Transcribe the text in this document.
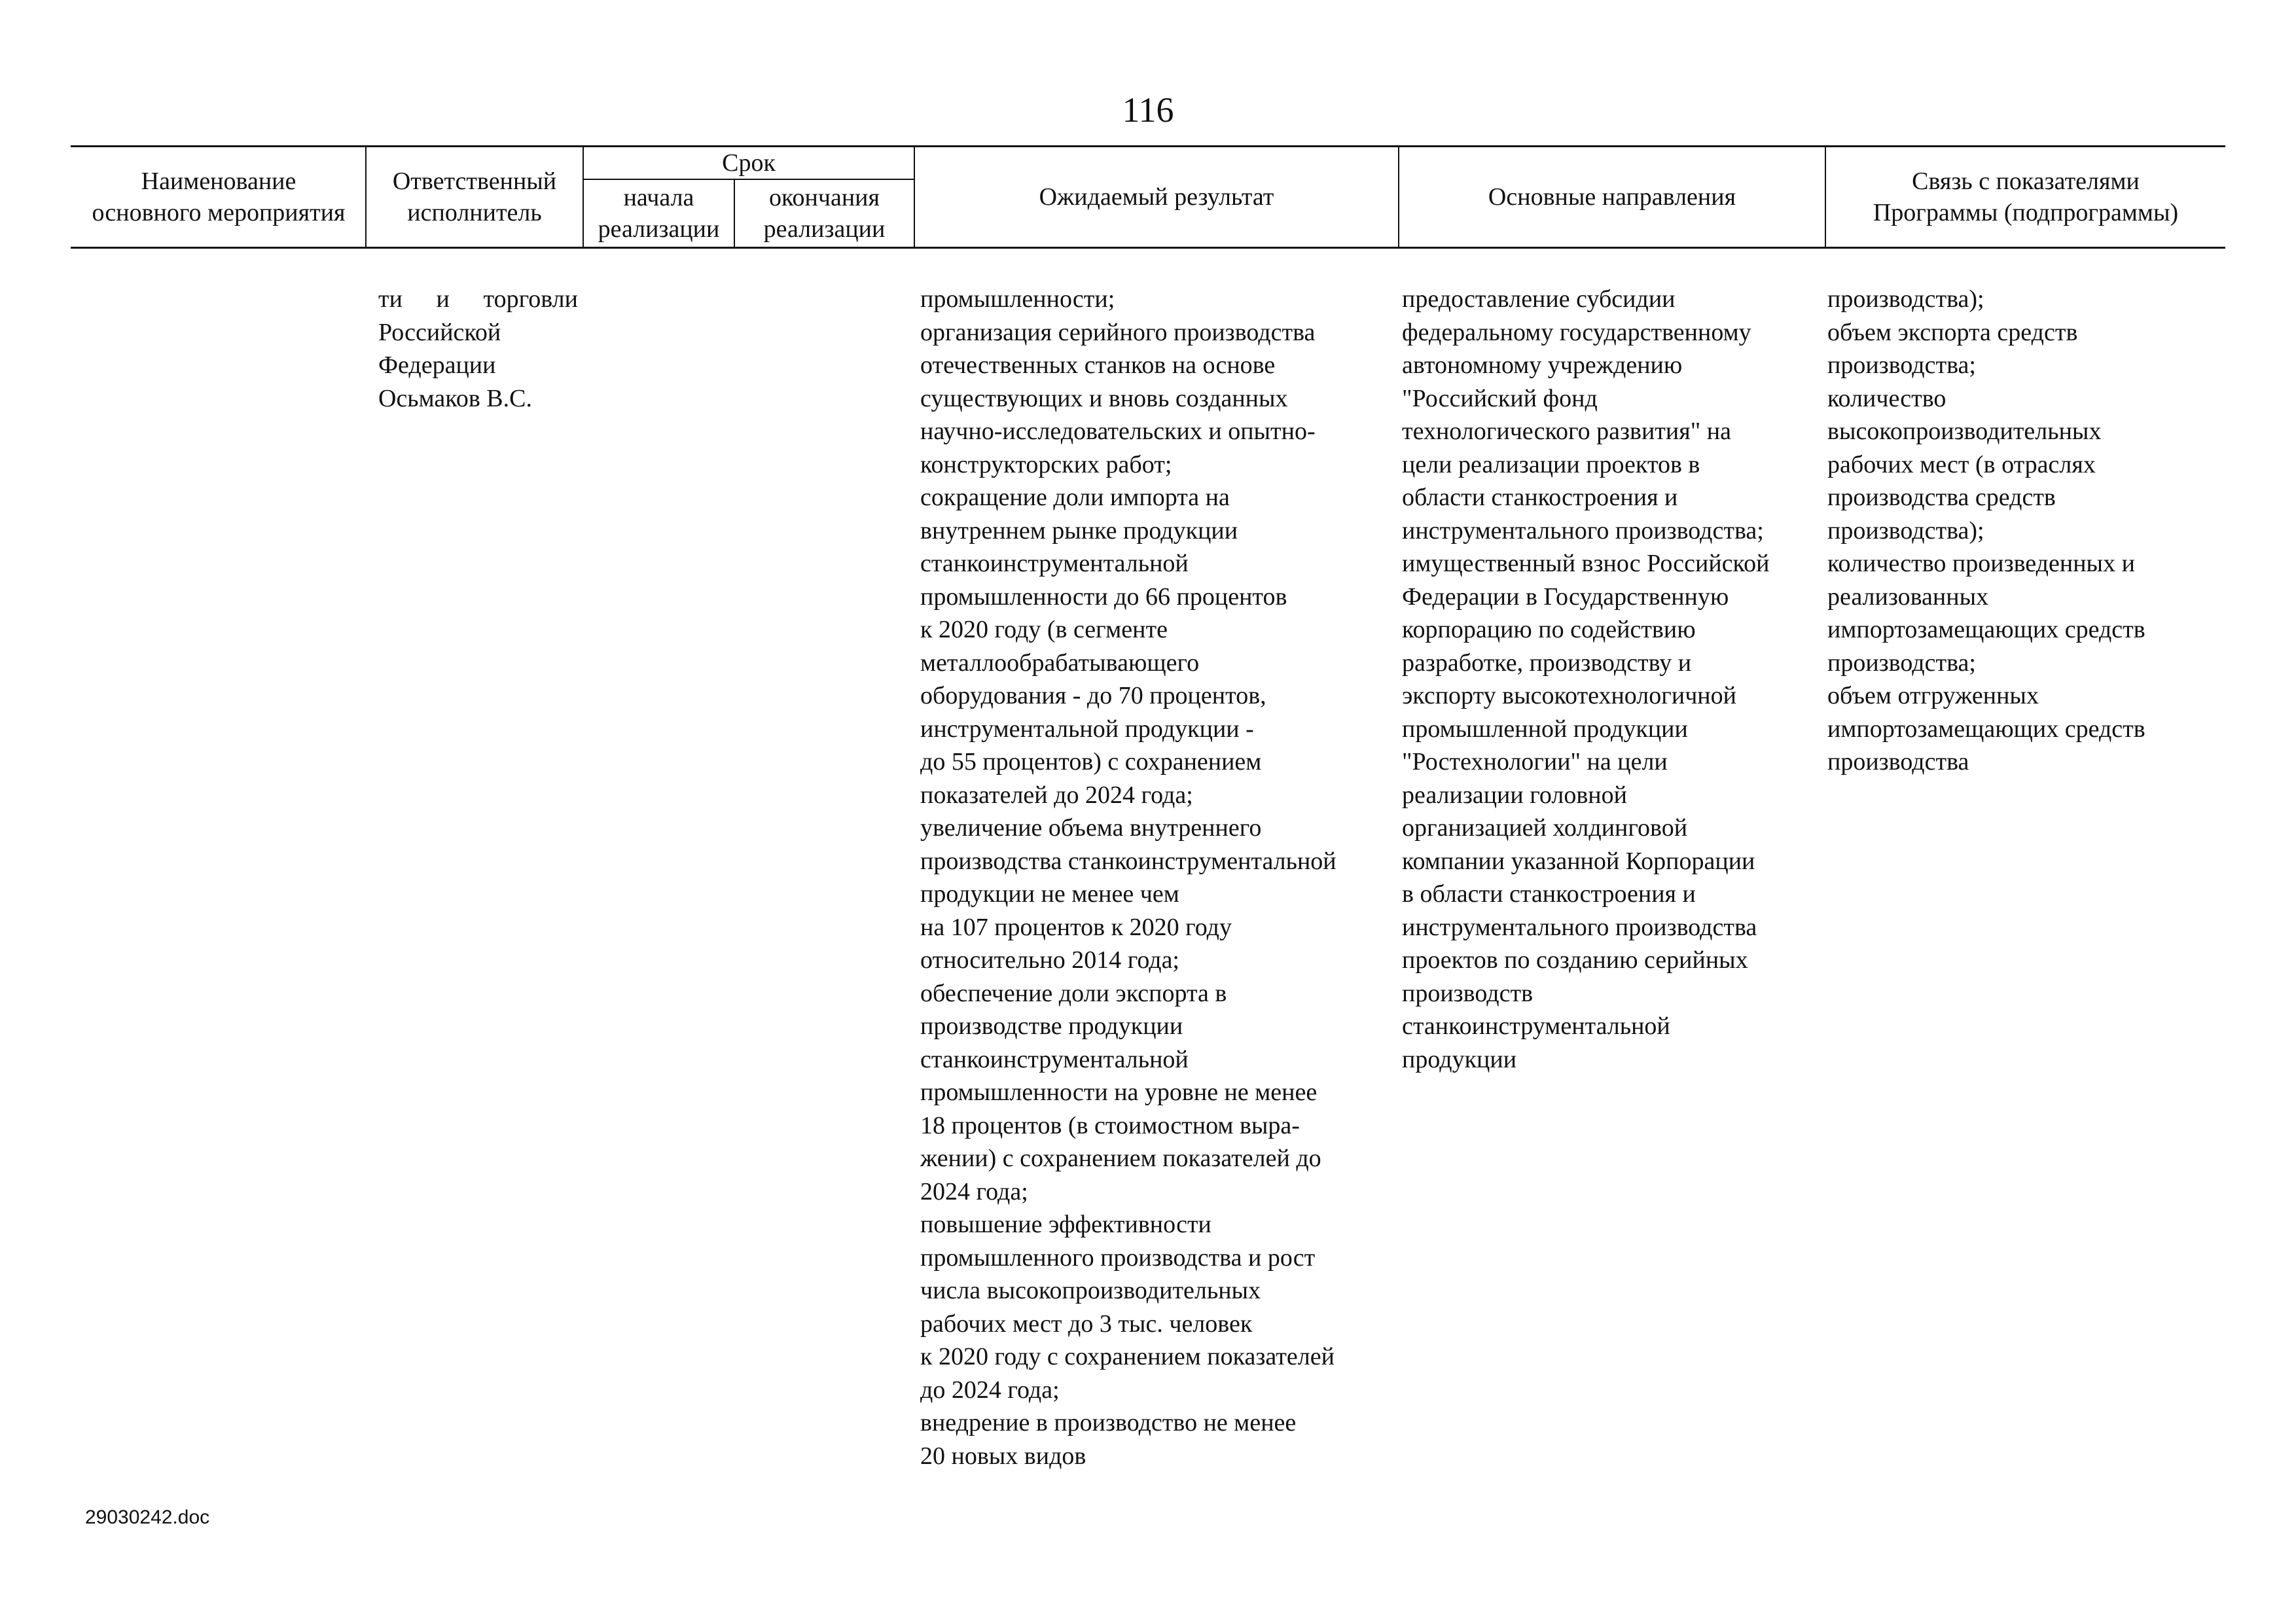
116
Наименование
основного мероприятия
Ответственный
исполнитель
Срок
начала
реализации
окончания
реализации
Ожидаемый результат	Основные направления
Связь с показателями
Программы (подпрограммы)
ти и торговли
Российской
Федерации
Осьмаков В.С.
промышленности;
организация серийного производства
отечественных станков на основе
существующих и вновь созданных
научно-исследовательских и опытно-
конструкторских работ;
сокращение доли импорта на
внутреннем рынке продукции
станкоинструментальной
промышленности до 66 процентов
к 2020 году (в сегменте
металлообрабатывающего
оборудования - до 70 процентов,
инструментальной продукции -
до 55 процентов) с сохранением
показателей до 2024 года;
увеличение объема внутреннего
производства станкоинструментальной
продукции не менее чем
на 107 процентов к 2020 году
относительно 2014 года;
обеспечение доли экспорта в
производстве продукции
станкоинструментальной
промышленности на уровне не менее
18 процентов (в стоимостном выра-
жении) с сохранением показателей до
2024 года;
повышение эффективности
промышленного производства и рост
числа высокопроизводительных
рабочих мест до 3 тыс. человек
к 2020 году с сохранением показателей
до 2024 года;
внедрение в производство не менее
20 новых видов
предоставление субсидии
федеральному государственному
автономному учреждению
"Российский фонд
технологического развития" на
цели реализации проектов в
области станкостроения и
инструментального производства;
имущественный взнос Российской
Федерации в Государственную
корпорацию по содействию
разработке, производству и
экспорту высокотехнологичной
промышленной продукции
"Ростехнологии" на цели
реализации головной
организацией холдинговой
компании указанной Корпорации
в области станкостроения и
инструментального производства
проектов по созданию серийных
производств
станкоинструментальной
продукции
производства);
объем экспорта средств
производства;
количество
высокопроизводительных
рабочих мест (в отраслях
производства средств
производства);
количество произведенных и
реализованных
импортозамещающих средств
производства;
объем отгруженных
импортозамещающих средств
производства
29030242.doc
